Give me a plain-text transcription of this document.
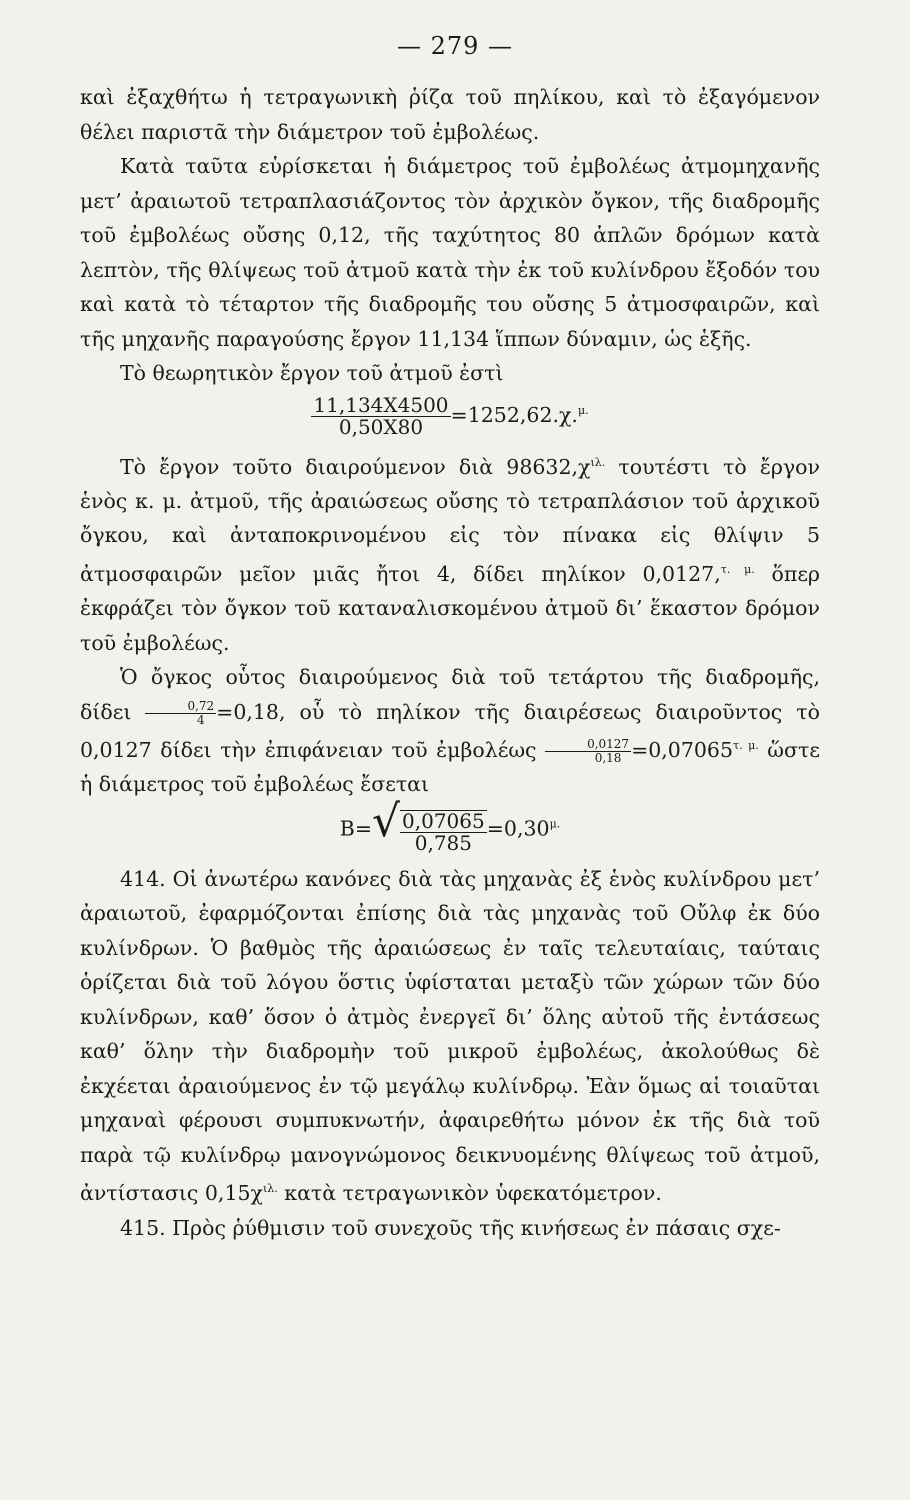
— 279 —

καὶ ἐξαχθήτω ἡ τετραγωνικὴ ῥίζα τοῦ πηλίκου, καὶ τὸ ἐξαγόμενον θέλει παριστᾶ τὴν διάμετρον τοῦ ἐμβολέως.

Κατὰ ταῦτα εὑρίσκεται ἡ διάμετρος τοῦ ἐμβολέως ἀτμομηχανῆς μετ’ ἀραιωτοῦ τετραπλασιάζοντος τὸν ἀρχικὸν ὄγκον, τῆς διαδρομῆς τοῦ ἐμβολέως οὔσης 0,12, τῆς ταχύτητος 80 ἁπλῶν δρόμων κατὰ λεπτὸν, τῆς θλίψεως τοῦ ἀτμοῦ κατὰ τὴν ἐκ τοῦ κυλίνδρου ἔξοδόν του καὶ κατὰ τὸ τέταρτον τῆς διαδρομῆς του οὔσης 5 ἀτμοσφαιρῶν, καὶ τῆς μηχανῆς παραγούσης ἔργον 11,134 ἵππων δύναμιν, ὡς ἑξῆς.

Τὸ θεωρητικὸν ἔργον τοῦ ἀτμοῦ ἐστὶ

$\frac{11,134X4500}{0,50X80} =1252,62.\chi.^{\mu.}$

Τὸ ἔργον τοῦτο διαιρούμενον διὰ $98632,\chi^{\iota\lambda.}$ τουτέστι τὸ ἔργον ἑνὸς κ. μ. ἀτμοῦ, τῆς ἀραιώσεως οὔσης τὸ τετραπλάσιον τοῦ ἀρχικοῦ ὄγκου, καὶ ἀνταποκρινομένου εἰς τὸν πίνακα εἰς θλίψιν 5 ἀτμοσφαιρῶν μεῖον μιᾶς ἤτοι 4, δίδει πηλίκον 0,0127,$^{\tau. \mu.}$ ὅπερ ἐκφράζει τὸν ὄγκον τοῦ καταναλισκομένου ἀτμοῦ δι’ ἕκαστον δρόμον τοῦ ἐμβολέως.

Ὁ ὄγκος οὗτος διαιρούμενος διὰ τοῦ τετάρτου τῆς διαδρομῆς, δίδει $\frac{0,72}{4} =0,18$, οὗ τὸ πηλίκον τῆς διαιρέσεως διαιροῦντος τὸ 0,0127 δίδει τὴν ἐπιφάνειαν τοῦ ἐμβολέως $\frac{0,0127}{0,18} =0,07065^{\tau. \mu.}$ ὥστε ἡ διάμετρος τοῦ ἐμβολέως ἔσεται

B= √ $\frac{0,07065}{0,785} =0,30^{\mu.}$

414. Οἱ ἀνωτέρω κανόνες διὰ τὰς μηχανὰς ἐξ ἑνὸς κυλίνδρου μετ’ ἀραιωτοῦ, ἐφαρμόζονται ἐπίσης διὰ τὰς μηχανὰς τοῦ Οὔλφ ἐκ δύο κυλίνδρων. Ὁ βαθμὸς τῆς ἀραιώσεως ἐν ταῖς τελευταίαις, ταύταις ὁρίζεται διὰ τοῦ λόγου ὅστις ὑφίσταται μεταξὺ τῶν χώρων τῶν δύο κυλίνδρων, καθ’ ὅσον ὁ ἀτμὸς ἐνεργεῖ δι’ ὅλης αὐτοῦ τῆς ἐντάσεως καθ’ ὅλην τὴν διαδρομὴν τοῦ μικροῦ ἐμβολέως, ἀκολούθως δὲ ἐκχέεται ἀραιούμενος ἐν τῷ μεγάλῳ κυλίνδρῳ. Ἐὰν ὅμως αἱ τοιαῦται μηχαναὶ φέρουσι συμπυκνωτήν, ἀφαιρεθήτω μόνον ἐκ τῆς διὰ τοῦ παρὰ τῷ κυλίνδρῳ μανογνώμονος δεικνυομένης θλίψεως τοῦ ἀτμοῦ, ἀντίστασις $0,15\chi^{\iota\lambda.}$ κατὰ τετραγωνικὸν ὑφεκατόμετρον.

415. Πρὸς ῥύθμισιν τοῦ συνεχοῦς τῆς κινήσεως ἐν πάσαις σχε-
